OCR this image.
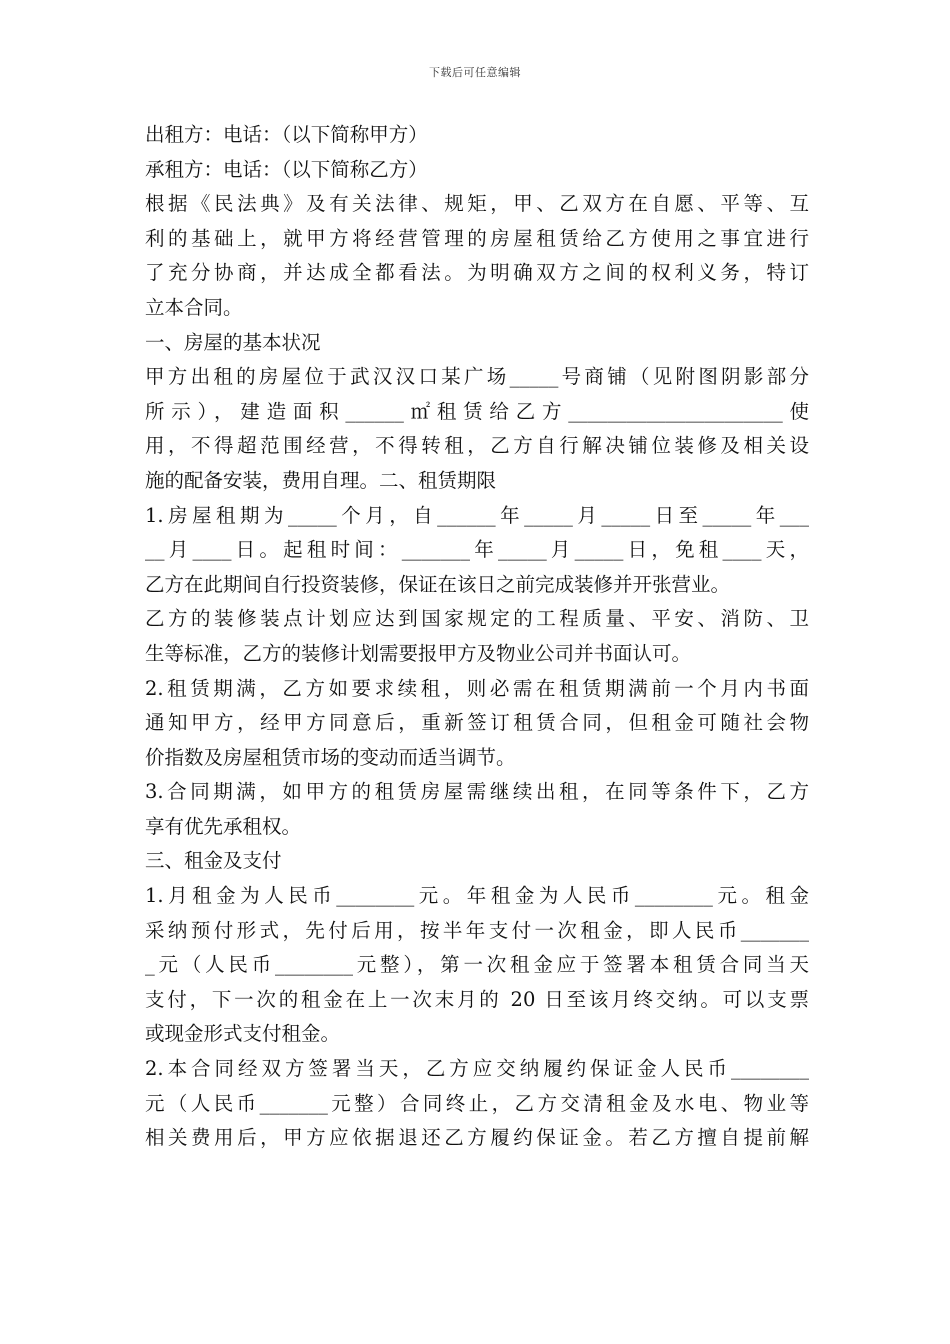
下载后可任意编辑
出租方：电话：（以下简称甲方）
承租方：电话：（以下简称乙方）
根据《民法典》及有关法律、规矩，甲、乙双方在自愿、平等、互
利的基础上，就甲方将经营管理的房屋租赁给乙方使用之事宜进行
了充分协商，并达成全都看法。为明确双方之间的权利义务，特订
立本合同。
一、房屋的基本状况
甲方出租的房屋位于武汉汉口某广场_____号商铺（见附图阴影部分
所示），建造面积______㎡租赁给乙方______________________使
用，不得超范围经营，不得转租，乙方自行解决铺位装修及相关设
施的配备安装，费用自理。二、租赁期限
1.房屋租期为_____个月，自______年_____月_____日至_____年___
__月____日。起租时间：_______年_____月_____日，免租____天，
乙方在此期间自行投资装修，保证在该日之前完成装修并开张营业。
乙方的装修装点计划应达到国家规定的工程质量、平安、消防、卫
生等标准，乙方的装修计划需要报甲方及物业公司并书面认可。
2.租赁期满，乙方如要求续租，则必需在租赁期满前一个月内书面
通知甲方，经甲方同意后，重新签订租赁合同，但租金可随社会物
价指数及房屋租赁市场的变动而适当调节。
3.合同期满，如甲方的租赁房屋需继续出租，在同等条件下，乙方
享有优先承租权。
三、租金及支付
1.月租金为人民币________元。年租金为人民币________元。租金
采纳预付形式，先付后用，按半年支付一次租金，即人民币_______
_元（人民币________元整），第一次租金应于签署本租赁合同当天
支付，下一次的租金在上一次末月的 20 日至该月终交纳。可以支票
或现金形式支付租金。
2.本合同经双方签署当天，乙方应交纳履约保证金人民币________
元（人民币_______元整）合同终止，乙方交清租金及水电、物业等
相关费用后，甲方应依据退还乙方履约保证金。若乙方擅自提前解
